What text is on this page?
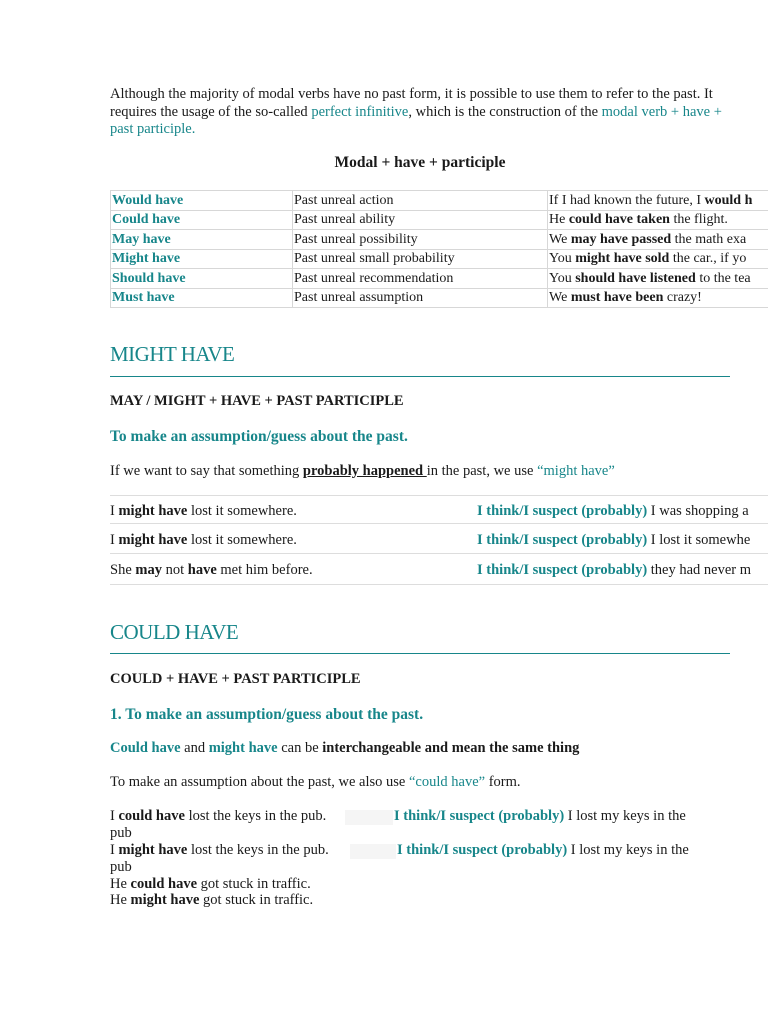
Although the majority of modal verbs have no past form, it is possible to use them to refer to the past. It requires the usage of the so-called perfect infinitive, which is the construction of the modal verb + have + past participle.
Modal + have + participle
Would have	Past unreal action	If I had known the future, I would h
Could have	Past unreal ability	He could have taken the flight.
May have	Past unreal possibility	We may have passed the math exa
Might have	Past unreal small probability	You might have sold the car., if yo
Should have	Past unreal recommendation	You should have listened to the tea
Must have	Past unreal assumption	We must have been crazy!
MIGHT HAVE
MAY / MIGHT + HAVE + PAST PARTICIPLE
To make an assumption/guess about the past.
If we want to say that something probably happened in the past, we use “might have”
I might have lost it somewhere.	I think/I suspect (probably) I was shopping a
I might have lost it somewhere.	I think/I suspect (probably) I lost it somewhe
She may not have met him before.	I think/I suspect (probably) they had never m
COULD HAVE
COULD + HAVE + PAST PARTICIPLE
1. To make an assumption/guess about the past.
Could have and might have can be interchangeable and mean the same thing
To make an assumption about the past, we also use “could have” form.
I could have lost the keys in the pub.	I think/I suspect (probably) I lost my keys in the
pub
I might have lost the keys in the pub.	I think/I suspect (probably) I lost my keys in the
pub
He could have got stuck in traffic.
He might have got stuck in traffic.
